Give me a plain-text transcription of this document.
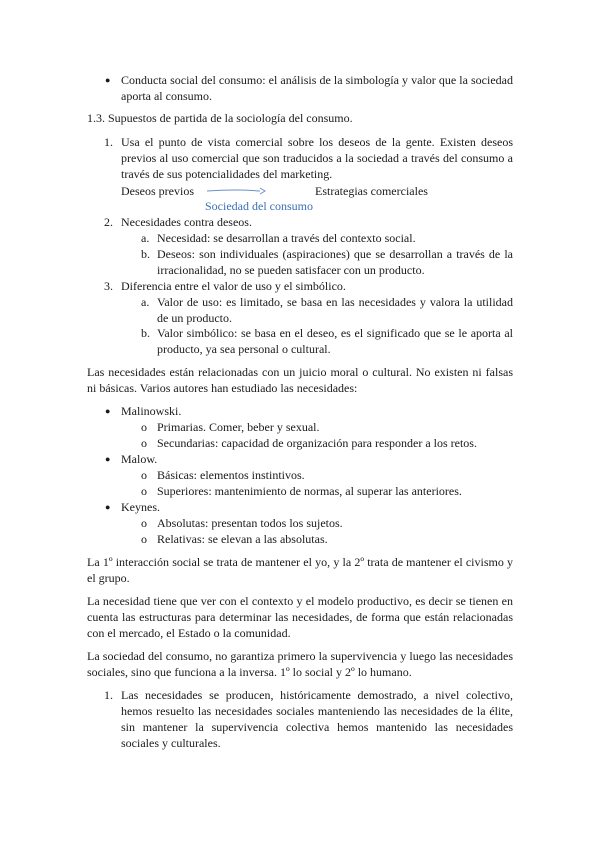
● Conducta social del consumo: el análisis de la simbología y valor que la sociedad aporta al consumo.
1.3. Supuestos de partida de la sociología del consumo.
1. Usa el punto de vista comercial sobre los deseos de la gente. Existen deseos previos al uso comercial que son traducidos a la sociedad a través del consumo a través de sus potencialidades del marketing.
Deseos previos	Estrategias comerciales
Sociedad del consumo
2. Necesidades contra deseos.
a. Necesidad: se desarrollan a través del contexto social.
b. Deseos: son individuales (aspiraciones) que se desarrollan a través de la irracionalidad, no se pueden satisfacer con un producto.
3. Diferencia entre el valor de uso y el simbólico.
a. Valor de uso: es limitado, se basa en las necesidades y valora la utilidad de un producto.
b. Valor simbólico: se basa en el deseo, es el significado que se le aporta al producto, ya sea personal o cultural.
Las necesidades están relacionadas con un juicio moral o cultural. No existen ni falsas ni básicas. Varios autores han estudiado las necesidades:
● Malinowski.
o Primarias. Comer, beber y sexual.
o Secundarias: capacidad de organización para responder a los retos.
● Malow.
o Básicas: elementos instintivos.
o Superiores: mantenimiento de normas, al superar las anteriores.
● Keynes.
o Absolutas: presentan todos los sujetos.
o Relativas: se elevan a las absolutas.
La 1º interacción social se trata de mantener el yo, y la 2º trata de mantener el civismo y el grupo.
La necesidad tiene que ver con el contexto y el modelo productivo, es decir se tienen en cuenta las estructuras para determinar las necesidades, de forma que están relacionadas con el mercado, el Estado o la comunidad.
La sociedad del consumo, no garantiza primero la supervivencia y luego las necesidades sociales, sino que funciona a la inversa. 1º lo social y 2º lo humano.
1. Las necesidades se producen, históricamente demostrado, a nivel colectivo, hemos resuelto las necesidades sociales manteniendo las necesidades de la élite, sin mantener la supervivencia colectiva hemos mantenido las necesidades sociales y culturales.
